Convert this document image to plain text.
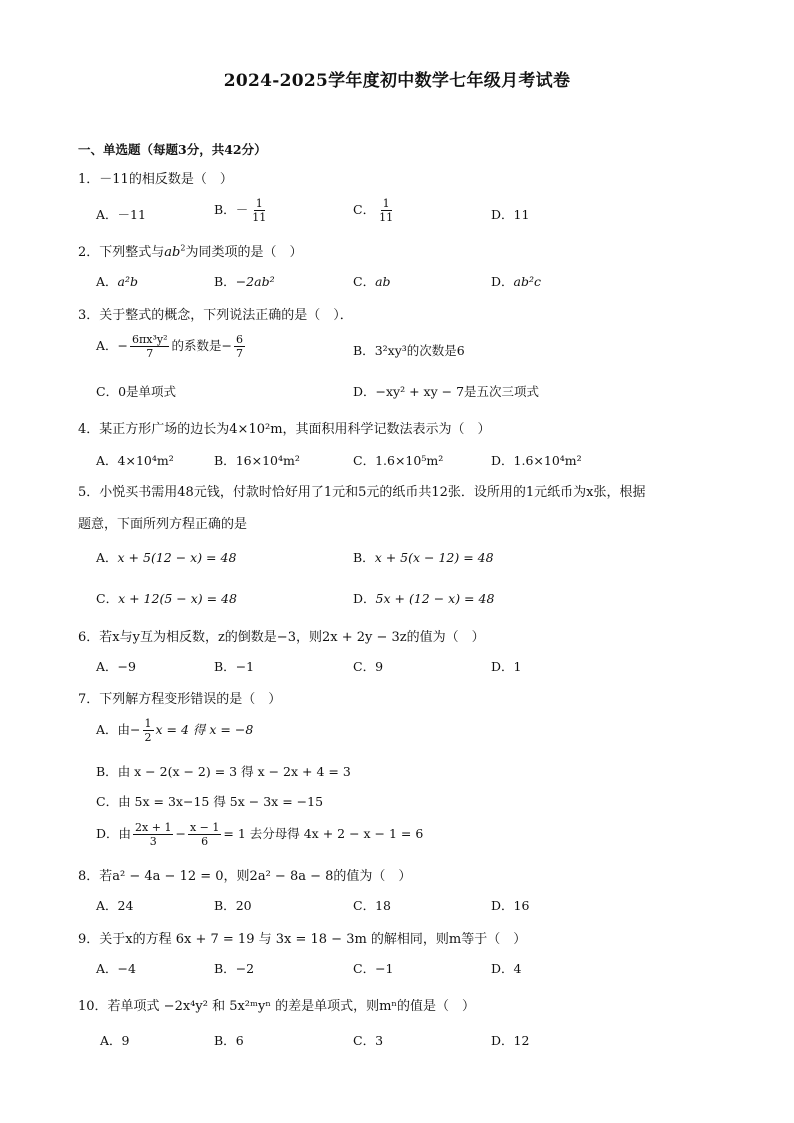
2024-2025学年度初中数学七年级月考试卷
一、单选题（每题3分，共42分）
1．－11的相反数是（　）
A．－11	B．－ $\frac{1}{11}$	C． $\frac{1}{11}$	D．11
2．下列整式与$ab^2$为同类项的是（　）
A．a²b	B．−2ab²	C．ab	D．ab²c
3．关于整式的概念，下列说法正确的是（　）．
A．− $\frac{\text{6πx³y²}}{7}$ 的系数是− $\frac{6}{7}$	B．3²xy³的次数是6
C．0是单项式	D．−xy² + xy − 7是五次三项式
4．某正方形广场的边长为4×10²m，其面积用科学记数法表示为（　）
A．4×10⁴m²	B．16×10⁴m²	C．1.6×10⁵m²	D．1.6×10⁴m²
5．小悦买书需用48元钱，付款时恰好用了1元和5元的纸币共12张．设所用的1元纸币为x张，根据
题意，下面所列方程正确的是
A．x + 5(12 − x) = 48	B．x + 5(x − 12) = 48
C．x + 12(5 − x) = 48	D．5x + (12 − x) = 48
6．若x与y互为相反数，z的倒数是−3，则2x + 2y − 3z的值为（　）
A．−9	B．−1	C．9	D．1
7．下列解方程变形错误的是（　）
A．由− $\frac{1}{2}$ x = 4 得 x = −8
B．由 x − 2(x − 2) = 3 得 x − 2x + 4 = 3
C．由 5x = 3x−15 得 5x − 3x = −15
D．由 $\frac{2x + 1}{3} - \frac{x - 1}{6} = 1$ 去分母得 4x + 2 − x − 1 = 6
8．若a² − 4a − 12 = 0，则2a² − 8a − 8的值为（　）
A．24	B．20	C．18	D．16
9．关于x的方程 6x + 7 = 19 与 3x = 18 − 3m 的解相同，则m等于（　）
A．−4	B．−2	C．−1	D．4
10．若单项式 −2x⁴y² 和 5x²ᵐyⁿ 的差是单项式，则mⁿ的值是（　）
A．9	B．6	C．3	D．12
